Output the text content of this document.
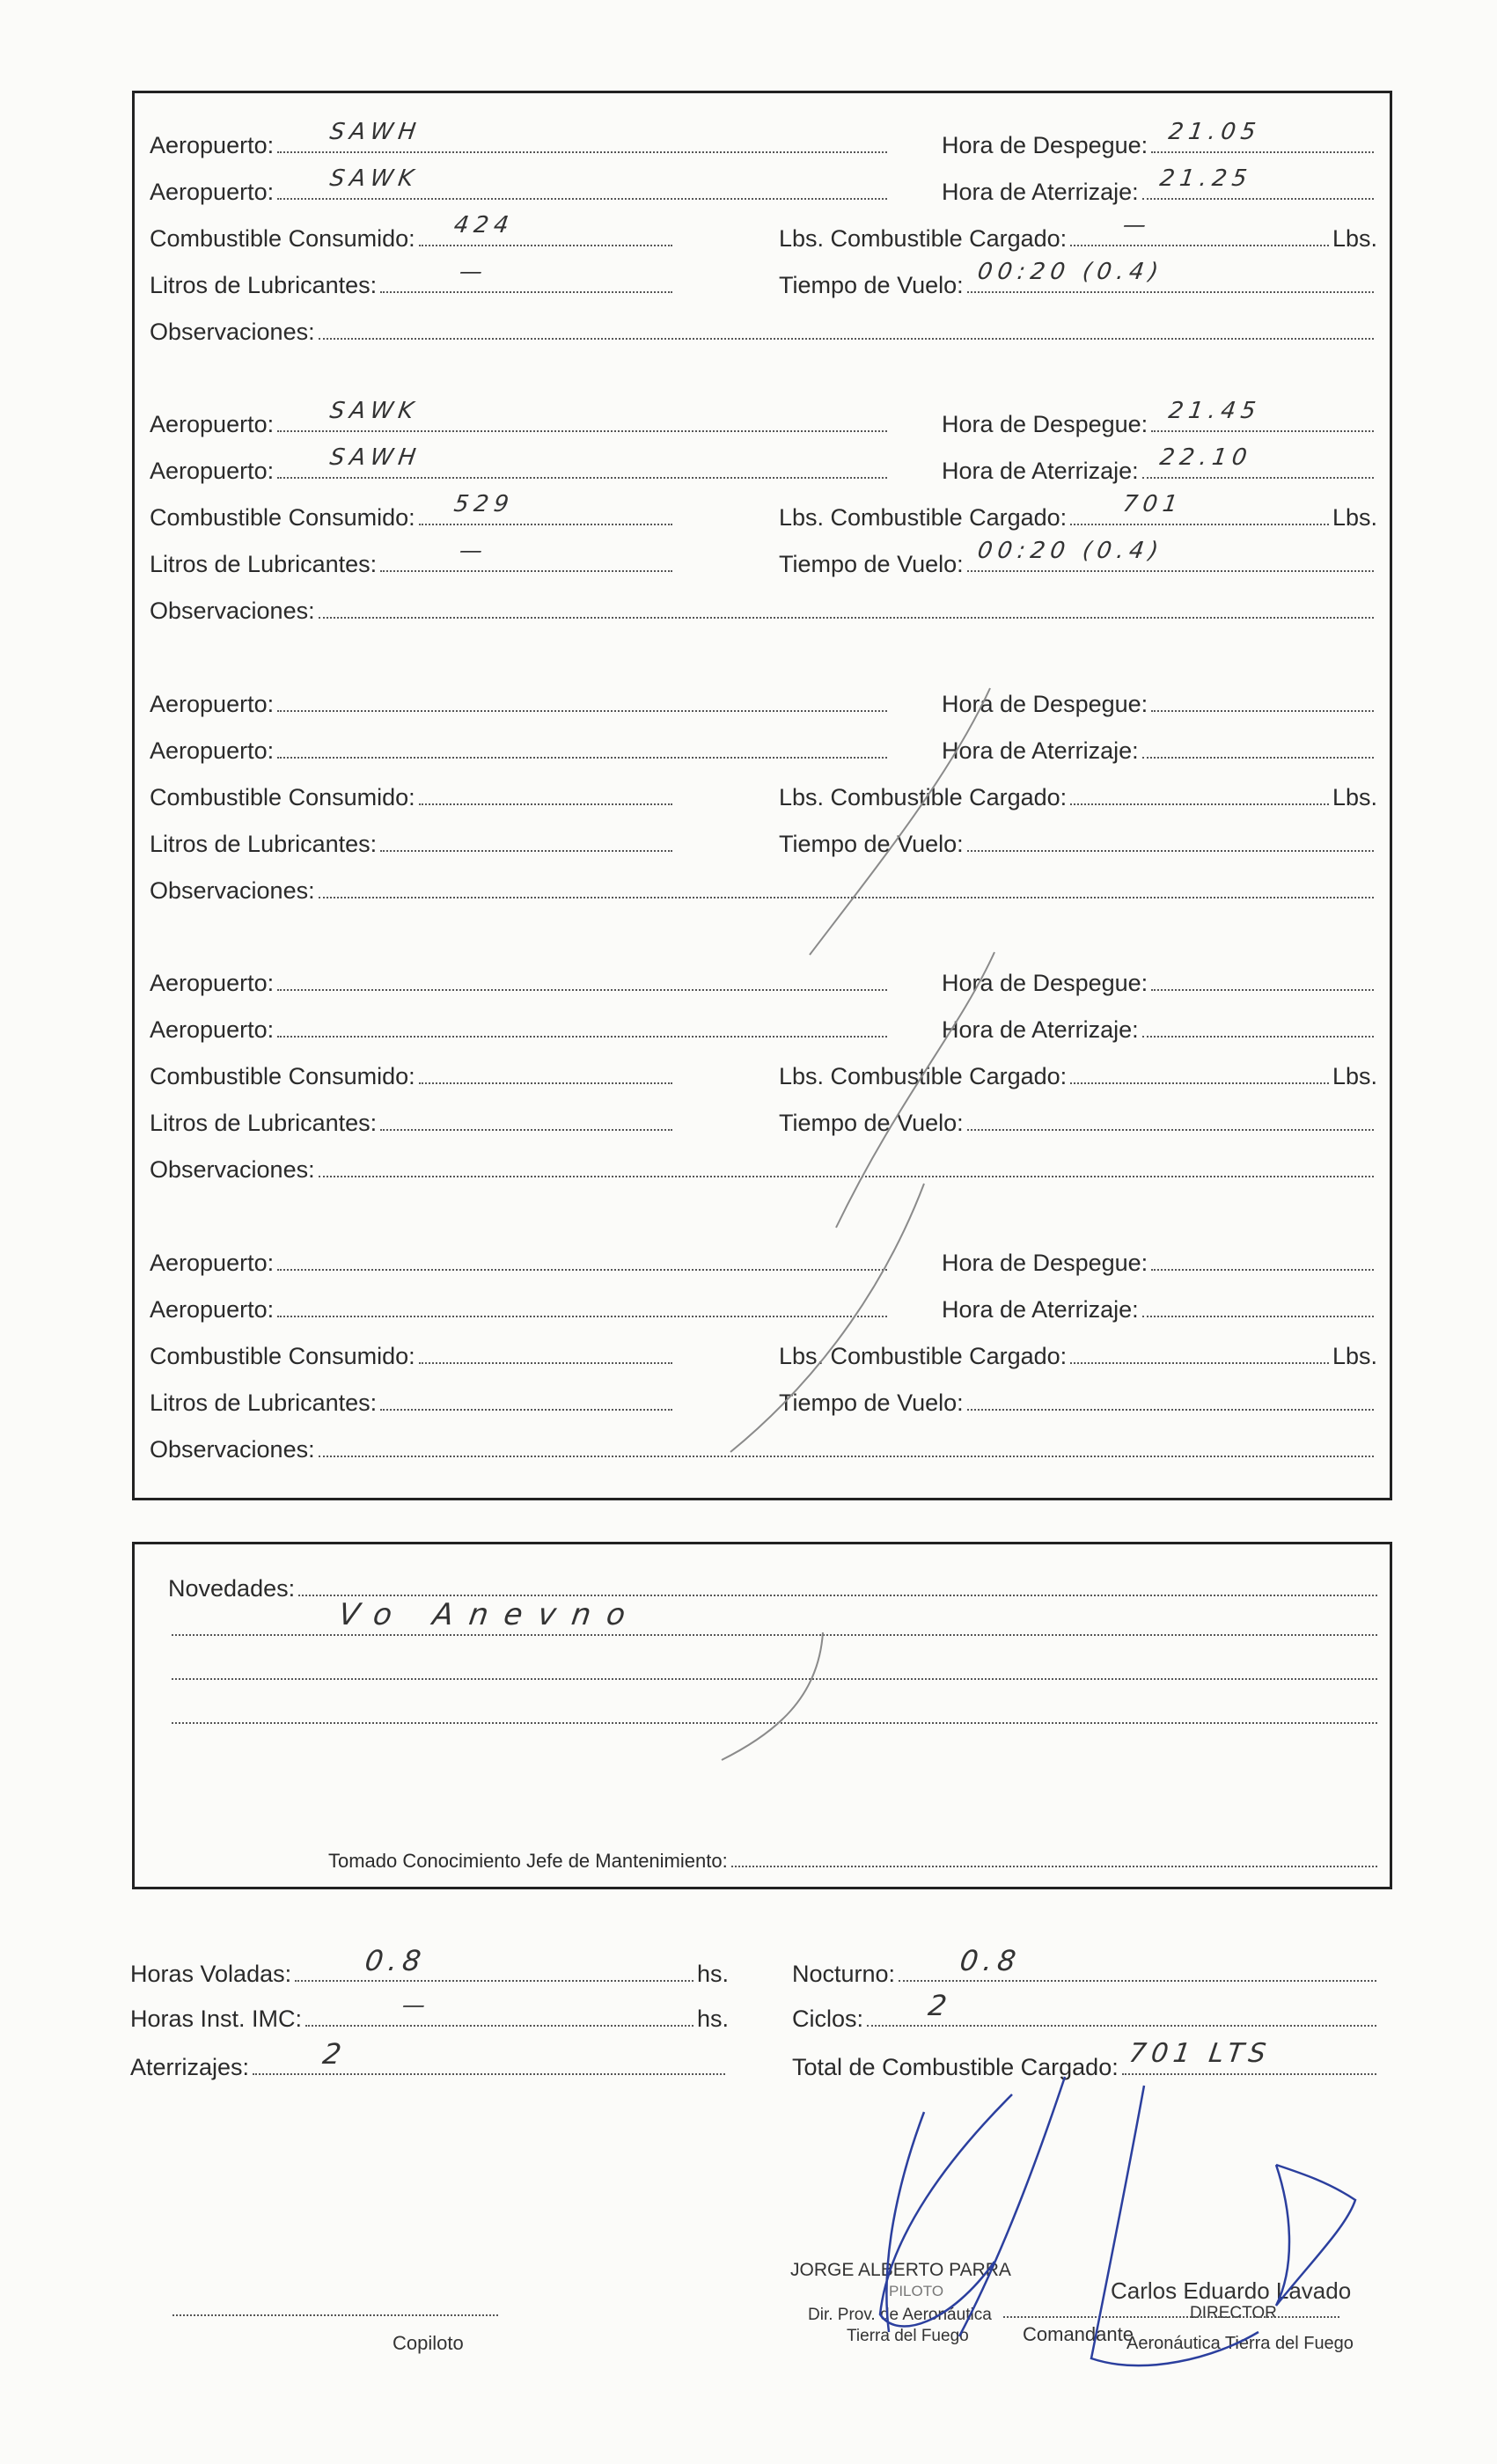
Aeropuerto: SAWH	Hora de Despegue: 21.05
Aeropuerto: SAWK	Hora de Aterrizaje: 21.25
Combustible Consumido: 424	Lbs. Combustible Cargado: —	Lbs.
Litros de Lubricantes:	—	Tiempo de Vuelo: 00:20 (0.4)
Observaciones:
Aeropuerto: SAWK	Hora de Despegue: 21.45
Aeropuerto: SAWH	Hora de Aterrizaje: 22.10
Combustible Consumido: 529	Lbs. Combustible Cargado: 701	Lbs.
Litros de Lubricantes:	—	Tiempo de Vuelo: 00:20 (0.4)
Observaciones:
Aeropuerto:	Hora de Despegue:
Aeropuerto:	Hora de Aterrizaje:
Combustible Consumido:	Lbs. Combustible Cargado:	Lbs.
Litros de Lubricantes:	Tiempo de Vuelo:
Observaciones:
Aeropuerto:	Hora de Despegue:
Aeropuerto:	Hora de Aterrizaje:
Combustible Consumido:	Lbs. Combustible Cargado:	Lbs.
Litros de Lubricantes:	Tiempo de Vuelo:
Observaciones:
Aeropuerto:	Hora de Despegue:
Aeropuerto:	Hora de Aterrizaje:
Combustible Consumido:	Lbs. Combustible Cargado:	Lbs.
Litros de Lubricantes:	Tiempo de Vuelo:
Observaciones:
Novedades:
Vo Anevno
Tomado Conocimiento Jefe de Mantenimiento:
Horas Voladas:	0.8	hs.
Horas Inst. IMC:	—	hs.
Aterrizajes:	2
Nocturno: 0.8
Ciclos: 2
Total de Combustible Cargado: 701 LTS
Copiloto
JORGE ALBERTO PARRA
PILOTO
Dir. Prov. de Aeronáutica
Tierra del Fuego	Comandante
Carlos Eduardo Lavado
DIRECTOR
Aeronáutica Tierra del Fuego
